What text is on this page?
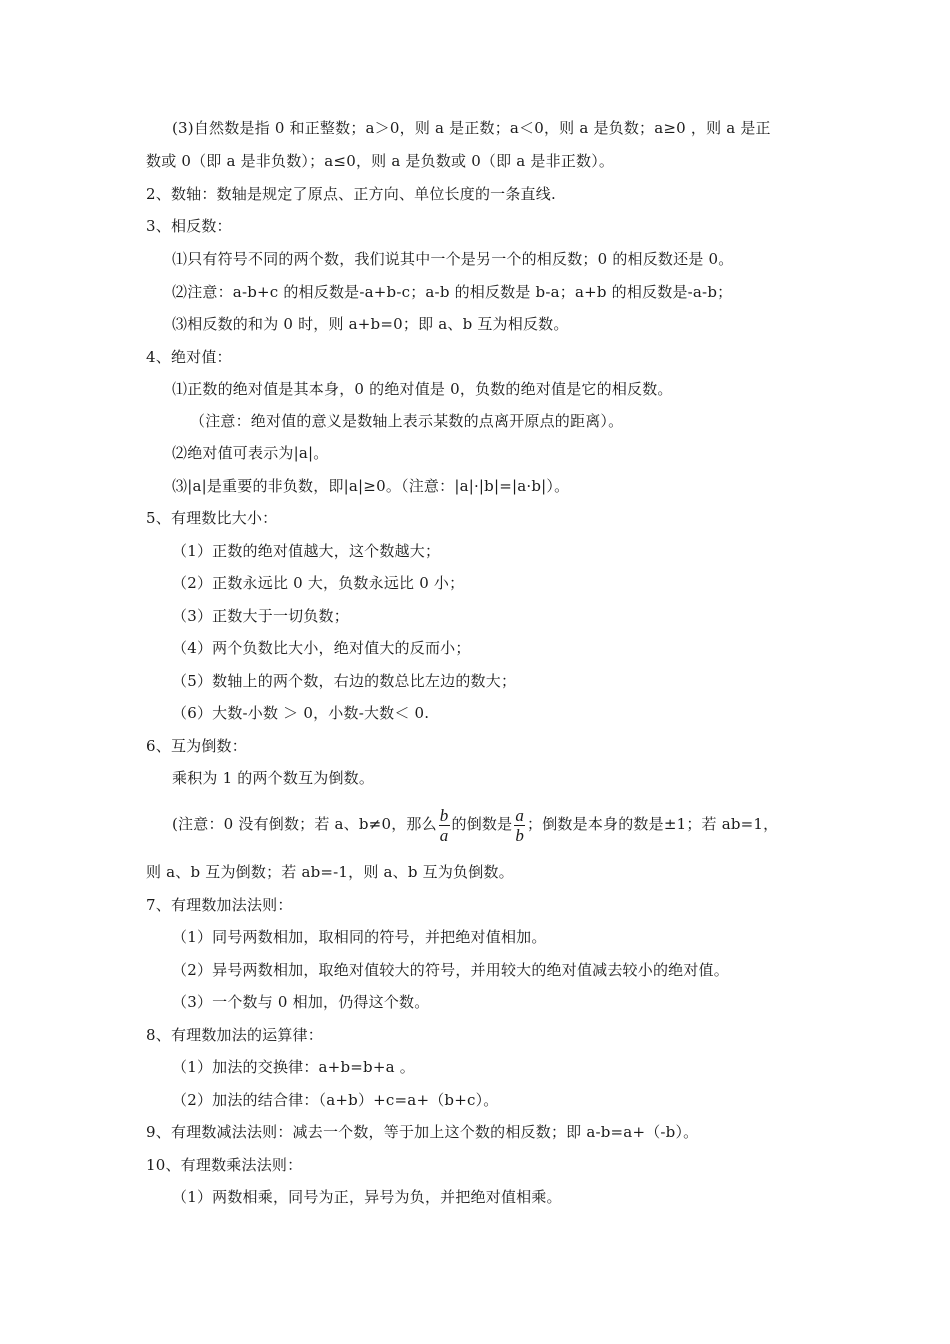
(3)自然数是指 0 和正整数；a＞0，则 a 是正数；a＜0，则 a 是负数；a≥0 ，则 a 是正
数或 0（即 a 是非负数）；a≤0，则 a 是负数或 0（即 a 是非正数）。
2、数轴：数轴是规定了原点、正方向、单位长度的一条直线.
3、相反数：
⑴只有符号不同的两个数，我们说其中一个是另一个的相反数；0 的相反数还是 0。
⑵注意：a-b+c 的相反数是-a+b-c；a-b 的相反数是 b-a；a+b 的相反数是-a-b；
⑶相反数的和为 0 时，则 a+b=0；即 a、b 互为相反数。
4、绝对值：
⑴正数的绝对值是其本身，0 的绝对值是 0，负数的绝对值是它的相反数。
（注意：绝对值的意义是数轴上表示某数的点离开原点的距离）。
⑵绝对值可表示为|a|。
⑶|a|是重要的非负数，即|a|≥0。（注意：|a|·|b|=|a·b|）。
5、有理数比大小：
（1）正数的绝对值越大，这个数越大；
（2）正数永远比 0 大，负数永远比 0 小；
（3）正数大于一切负数；
（4）两个负数比大小，绝对值大的反而小；
（5）数轴上的两个数，右边的数总比左边的数大；
（6）大数-小数 ＞ 0，小数-大数＜ 0.
6、互为倒数：
乘积为 1 的两个数互为倒数。
(注意：0 没有倒数；若 a、b≠0，那么 $\frac{b}{a}$ 的倒数是 $\frac{a}{b}$ ；倒数是本身的数是±1；若 ab=1，
则 a、b 互为倒数；若 ab=-1，则 a、b 互为负倒数。
7、有理数加法法则：
（1）同号两数相加，取相同的符号，并把绝对值相加。
（2）异号两数相加，取绝对值较大的符号，并用较大的绝对值减去较小的绝对值。
（3）一个数与 0 相加，仍得这个数。
8、有理数加法的运算律：
（1）加法的交换律：a+b=b+a 。
（2）加法的结合律：（a+b）+c=a+（b+c）。
9、有理数减法法则：减去一个数，等于加上这个数的相反数；即 a-b=a+（-b）。
10、有理数乘法法则：
（1）两数相乘，同号为正，异号为负，并把绝对值相乘。
